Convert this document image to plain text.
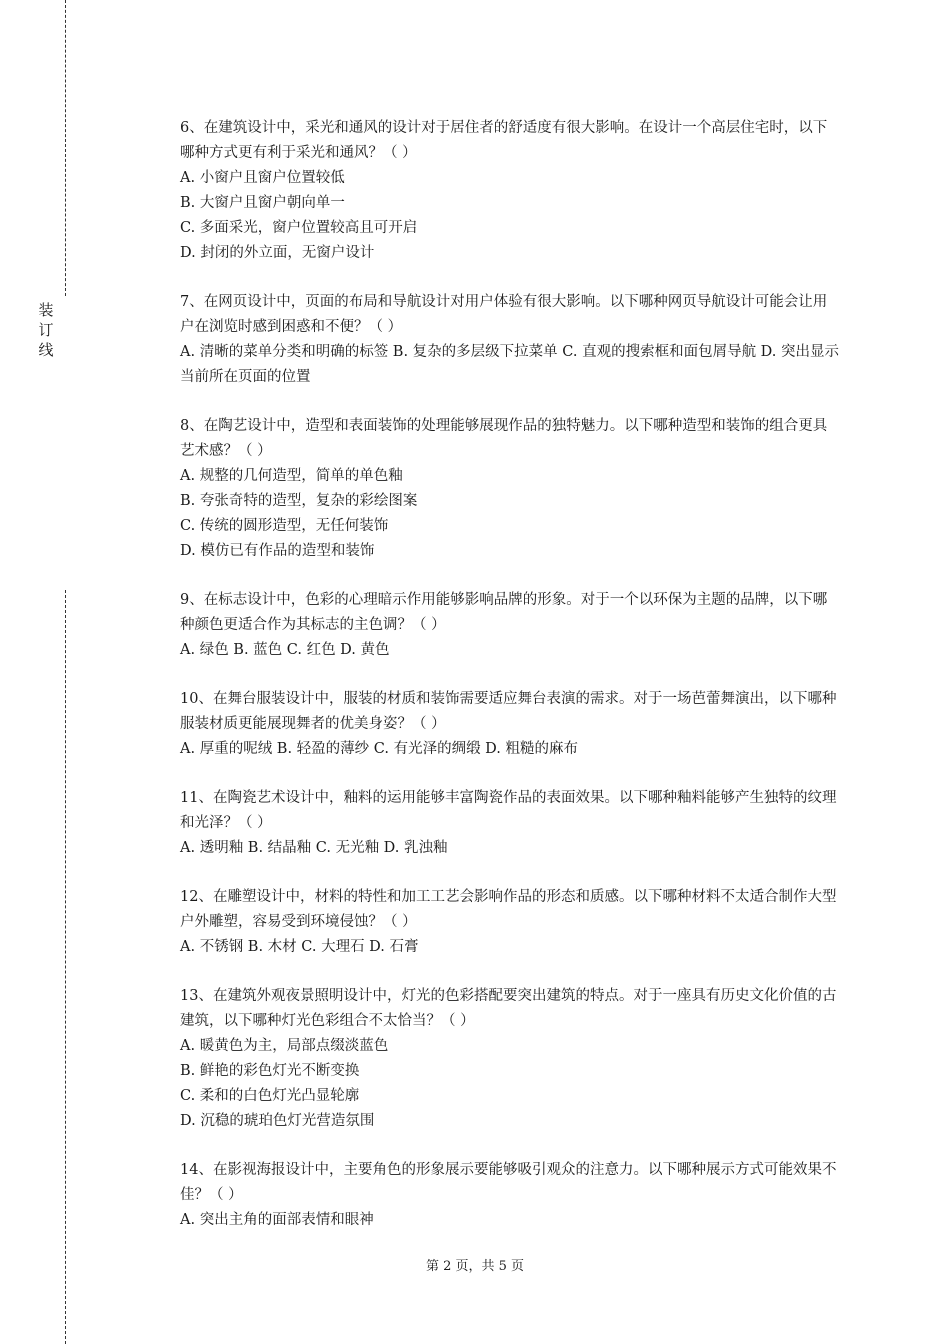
装订线

6、在建筑设计中，采光和通风的设计对于居住者的舒适度有很大影响。在设计一个高层住宅时，以下哪种方式更有利于采光和通风？（ ）

A. 小窗户且窗户位置较低

B. 大窗户且窗户朝向单一

C. 多面采光，窗户位置较高且可开启

D. 封闭的外立面，无窗户设计

7、在网页设计中，页面的布局和导航设计对用户体验有很大影响。以下哪种网页导航设计可能会让用户在浏览时感到困惑和不便？（ ）

A. 清晰的菜单分类和明确的标签 B. 复杂的多层级下拉菜单 C. 直观的搜索框和面包屑导航 D. 突出显示当前所在页面的位置

8、在陶艺设计中，造型和表面装饰的处理能够展现作品的独特魅力。以下哪种造型和装饰的组合更具艺术感？（ ）

A. 规整的几何造型，简单的单色釉

B. 夸张奇特的造型，复杂的彩绘图案

C. 传统的圆形造型，无任何装饰

D. 模仿已有作品的造型和装饰

9、在标志设计中，色彩的心理暗示作用能够影响品牌的形象。对于一个以环保为主题的品牌，以下哪种颜色更适合作为其标志的主色调？（ ）

A. 绿色 B. 蓝色 C. 红色 D. 黄色

10、在舞台服装设计中，服装的材质和装饰需要适应舞台表演的需求。对于一场芭蕾舞演出，以下哪种服装材质更能展现舞者的优美身姿？（ ）

A. 厚重的呢绒 B. 轻盈的薄纱 C. 有光泽的绸缎 D. 粗糙的麻布

11、在陶瓷艺术设计中，釉料的运用能够丰富陶瓷作品的表面效果。以下哪种釉料能够产生独特的纹理和光泽？（ ）

A. 透明釉 B. 结晶釉 C. 无光釉 D. 乳浊釉

12、在雕塑设计中，材料的特性和加工工艺会影响作品的形态和质感。以下哪种材料不太适合制作大型户外雕塑，容易受到环境侵蚀？（ ）

A. 不锈钢 B. 木材 C. 大理石 D. 石膏

13、在建筑外观夜景照明设计中，灯光的色彩搭配要突出建筑的特点。对于一座具有历史文化价值的古建筑，以下哪种灯光色彩组合不太恰当？（ ）

A. 暖黄色为主，局部点缀淡蓝色

B. 鲜艳的彩色灯光不断变换

C. 柔和的白色灯光凸显轮廓

D. 沉稳的琥珀色灯光营造氛围

14、在影视海报设计中，主要角色的形象展示要能够吸引观众的注意力。以下哪种展示方式可能效果不佳？（ ）

A. 突出主角的面部表情和眼神

第 2 页，共 5 页
